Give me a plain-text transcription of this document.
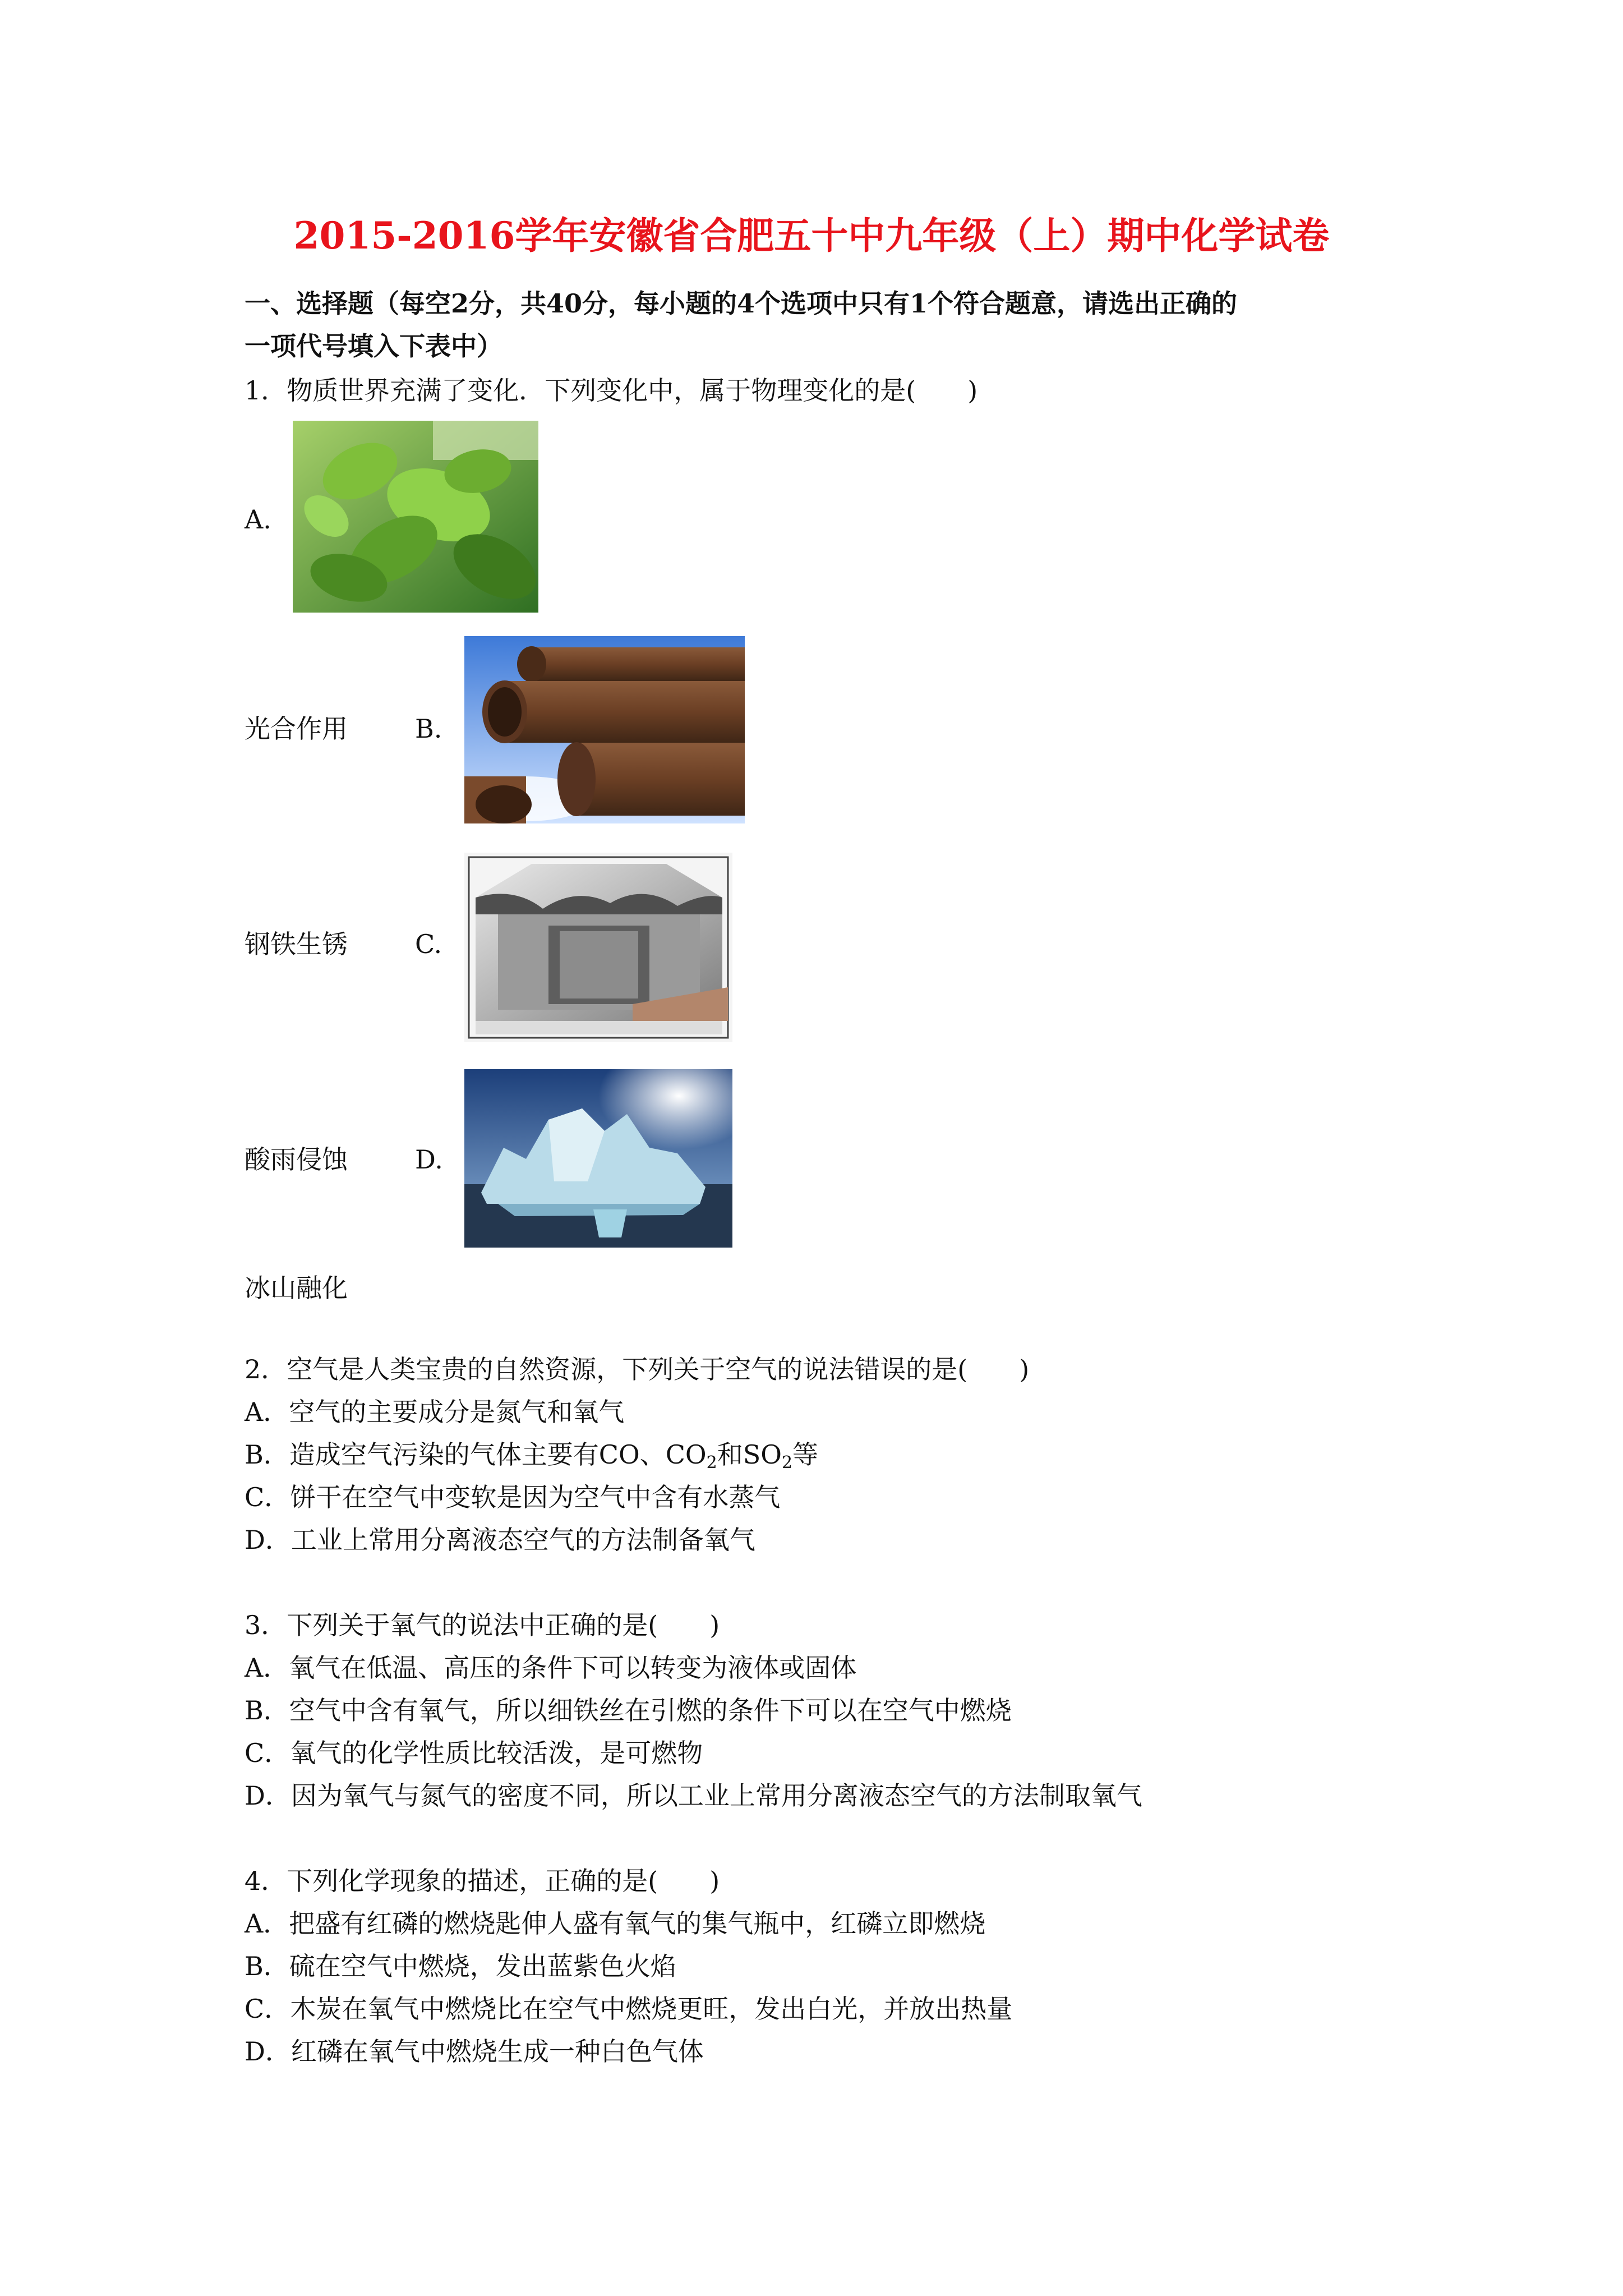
2015-2016学年安徽省合肥五十中九年级（上）期中化学试卷
一、选择题（每空2分，共40分，每小题的4个选项中只有1个符合题意，请选出正确的
一项代号填入下表中）
1．物质世界充满了变化．下列变化中，属于物理变化的是(　　)
A.
光合作用	B.
钢铁生锈	C.
酸雨侵蚀	D.
冰山融化
2．空气是人类宝贵的自然资源，下列关于空气的说法错误的是(　　)
A．空气的主要成分是氮气和氧气
B．造成空气污染的气体主要有CO、$CO_2$和$SO_2$等
C．饼干在空气中变软是因为空气中含有水蒸气
D．工业上常用分离液态空气的方法制备氧气
3．下列关于氧气的说法中正确的是(　　)
A．氧气在低温、高压的条件下可以转变为液体或固体
B．空气中含有氧气，所以细铁丝在引燃的条件下可以在空气中燃烧
C．氧气的化学性质比较活泼，是可燃物
D．因为氧气与氮气的密度不同，所以工业上常用分离液态空气的方法制取氧气
4．下列化学现象的描述，正确的是(　　)
A．把盛有红磷的燃烧匙伸人盛有氧气的集气瓶中，红磷立即燃烧
B．硫在空气中燃烧，发出蓝紫色火焰
C．木炭在氧气中燃烧比在空气中燃烧更旺，发出白光，并放出热量
D．红磷在氧气中燃烧生成一种白色气体
